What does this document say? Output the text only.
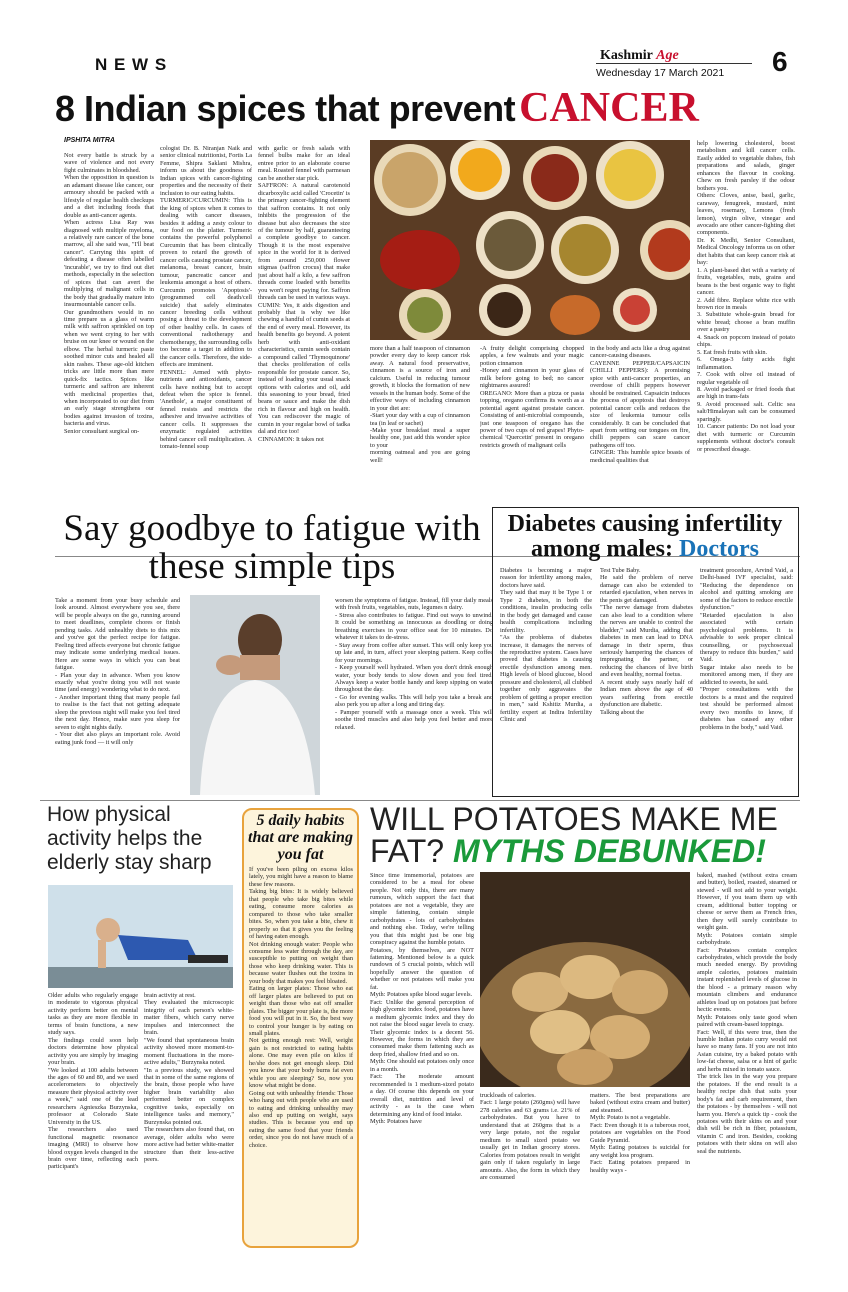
N E W S	Kashmir Age
Wednesday 17 March 2021 6
8 Indian spices that prevent CANCER
IPSHITA MITRA
Not every battle is struck by a wave of violence and not every fight culminates in bloodshed.
When the opposition in question is an adamant disease like cancer, our armoury should be packed with a lifestyle of regular health checkups and a diet including foods that double as anti-cancer agents.
When actress Lisa Ray was diagnosed with multiple myeloma, a relatively rare cancer of the bone marrow, all she said was, "I'll beat cancer". Carrying this spirit of defeating a disease often labelled 'incurable', we try to find out diet methods, especially in the selection of spices that can avert the multiplying of malignant cells in the body that gradually mature into insurmountable cancer cells.
Our grandmothers would in no time prepare us a glass of warm milk with saffron sprinkled on top when we went crying to her with bruise on our knee or wound on the elbow. The herbal turmeric paste soothed minor cuts and healed all skin rashes. These age-old kitchen tricks are little more than mere quick-fix tactics. Spices like turmeric and saffron are inherent with medicinal properties that, when incorporated to our diet from an early stage strengthens our bodies against invasion of toxins, bacteria and virus.
Senior consultant surgical on-
cologist Dr. B. Niranjan Naik and senior clinical nutritionist, Fortis La Femme, Shipra Saklani Mishra, inform us about the goodness of Indian spices with cancer-fighting properties and the necessity of their inclusion to our eating habits.
TURMERIC/CURCUMIN: This is the king of spices when it comes to dealing with cancer diseases, besides it adding a zesty colour to our food on the platter. Turmeric contains the powerful polyphenol Curcumin that has been clinically proven to retard the growth of cancer cells causing prostate cancer, melanoma, breast cancer, brain tumour, pancreatic cancer and leukemia amongst a host of others. Curcumin promotes 'Apoptosis'- (programmed cell death/cell suicide) that safely eliminates cancer breeding cells without posing a threat to the development of other healthy cells. In cases of conventional radiotherapy and chemotherapy, the surrounding cells too become a target in addition to the cancer cells. Therefore, the side-effects are imminent.
FENNEL: Armed with phyto-nutrients and antioxidants, cancer cells have nothing but to accept defeat when the spice is fennel. 'Anethole', a major constituent of fennel resists and restricts the adhesive and invasive activities of cancer cells. It suppresses the enzymatic regulated activities behind cancer cell multiplication. A tomato-fennel soup
with garlic or fresh salads with fennel bulbs make for an ideal entree prior to an elaborate course meal. Roasted fennel with parmesan can be another star pick.
SAFFRON: A natural carotenoid dicarboxylic acid called 'Crocetin' is the primary cancer-fighting element that saffron contains. It not only inhibits the progression of the disease but also decreases the size of the tumour by half, guaranteeing a complete goodbye to cancer. Though it is the most expensive spice in the world for it is derived from around 250,000 flower stigmas (saffron crocus) that make just about half a kilo, a few saffron threads come loaded with benefits you won't regret paying for. Saffron threads can be used in various ways.
CUMIN: Yes, it aids digestion and probably that is why we like chewing a handful of cumin seeds at the end of every meal. However, its health benefits go beyond. A potent herb with anti-oxidant characteristics, cumin seeds contain a compound called 'Thymoquinone' that checks proliferation of cells responsible for prostate cancer. So, instead of loading your usual snack options with calories and oil, add this seasoning to your bread, fried beans or sauce and make the dish rich in flavour and high on health. You can rediscover the magic of cumin in your regular bowl of tadka dal and rice too!
CINNAMON: It takes not
more than a half teaspoon of cinnamon powder every day to keep cancer risk away. A natural food preservative, cinnamon is a source of iron and calcium. Useful in reducing tumour growth, it blocks the formation of new vessels in the human body. Some of the effective ways of including cinnamon in your diet are:
-Start your day with a cup of cinnamon tea (in leaf or sachet)
-Make your breakfast meal a super healthy one, just add this wonder spice to your
morning oatmeal and you are going well!
-A fruity delight comprising chopped apples, a few walnuts and your magic potion cinnamon
-Honey and cinnamon in your glass of milk before going to bed; no cancer nightmares assured!
OREGANO: More than a pizza or pasta topping, oregano confirms its worth as a potential agent against prostate cancer. Consisting of anti-microbial compounds, just one teaspoon of oregano has the power of two cups of red grapes! Phyto-chemical 'Quercetin' present in oregano restricts growth of malignant cells
in the body and acts like a drug against cancer-causing diseases.
CAYENNE PEPPER/CAPSAICIN (CHILLI PEPPERS): A promising spice with anti-cancer properties, an overdose of chilli peppers however should be restrained. Capsaicin induces the process of apoptosis that destroys potential cancer cells and reduces the size of leukemia tumour cells considerably. It can be concluded that apart from setting our tongues on fire, chilli peppers can scare cancer pathogens off too.
GINGER: This humble spice boasts of medicinal qualities that
help lowering cholesterol, boost metabolism and kill cancer cells. Easily added to vegetable dishes, fish preparations and salads, ginger enhances the flavour in cooking. Chew on fresh parsley if the odour bothers you.
Others: Cloves, anise, basil, garlic, caraway, fenugreek, mustard, mint leaves, rosemary, Lemons (fresh lemon), virgin olive, vinegar and avocado are other cancer-fighting diet components.
Dr. K Medhi, Senior Consultant, Medical Oncology informs us on other diet habits that can keep cancer risk at bay:
1. A plant-based diet with a variety of fruits, vegetables, nuts, grains and beans is the best organic way to fight cancer.
2. Add fibre. Replace white rice with brown rice in meals
3. Substitute whole-grain bread for white bread; choose a bran muffin over a pastry
4. Snack on popcorn instead of potato chips.
5. Eat fresh fruits with skin.
6. Omega-3 fatty acids fight inflammation.
7. Cook with olive oil instead of regular vegetable oil
8. Avoid packaged or fried foods that are high in trans-fats
9. Avoid processed salt. Celtic sea salt/Himalayan salt can be consumed sparingly.
10. Cancer patients: Do not load your diet with turmeric or Curcumin supplements without doctor's consult or prescribed dosage.
Say goodbye to fatigue with these simple tips
Take a moment from your busy schedule and look around. Almost everywhere you see, there will be people always on the go, running around to meet deadlines, complete chores or finish pending tasks. Add unhealthy diets to this mix and you've got the perfect recipe for fatigue. Feeling tired affects everyone but chronic fatigue may indicate some underlying medical issues. Here are some ways in which you can beat fatigue.
- Plan your day in advance. When you know exactly what you're doing you will not waste time (and energy) wondering what to do next.
- Another important thing that many people fail to realise is the fact that not getting adequate sleep the previous night will make you feel tired the next day. Hence, make sure you sleep for seven to eight nights daily.
- Your diet also plays an important role. Avoid eating junk food — it will only
worsen the symptoms of fatigue. Instead, fill your daily meals with fresh fruits, vegetables, nuts, legumes n dairy.
- Stress also contributes to fatigue. Find out ways to unwind. It could be something as innocuous as doodling or doing breathing exercises in your office seat for 10 minutes. Do whatever it takes to de-stress.
- Stay away from coffee after sunset. This will only keep you up late and, in turn, affect your sleeping pattern. Keep coffee for your mornings.
- Keep yourself well hydrated. When you don't drink enough water, your body tends to slow down and you feel tired. Always keep a water bottle handy and keep sipping on water throughout the day.
- Go for evening walks. This will help you take a break and also perk you up after a long and tiring day.
- Pamper yourself with a massage once a week. This will soothe tired muscles and also help you feel better and more relaxed.
Diabetes causing infertility among males: Doctors
Diabetes is becoming a major reason for infertility among males, doctors have said.
They said that may it be Type 1 or Type 2 diabetes, in both the conditions, insulin producing cells in the body get damaged and cause health complications including infertility.
"As the problems of diabetes increase, it damages the nerves of the reproductive system. Cases have proved that diabetes is causing erectile dysfunction among men. High levels of blood glucose, blood pressure and cholesterol, all clubbed together only aggravates the problem of getting a proper erection in men," said Kshitiz Murdia, a fertility expert at Indira Infertility Clinic and
Test Tube Baby.
He said the problem of nerve damage can also be extended to retarded ejaculation, when nerves in the penis get damaged.
"The nerve damage from diabetes can also lead to a condition where the nerves are unable to control the bladder," said Murdia, adding that diabetes in men can lead to DNA damage in their sperm, thus seriously hampering the chances of impregnating the partner, or reducing the chances of live birth and even healthy, normal foetus.
A recent study says nearly half of Indian men above the age of 40 years suffering from erectile dysfunction are diabetic.
Talking about the
treatment procedure, Arvind Vaid, a Delhi-based IVF specialist, said: "Reducing the dependence on alcohol and quitting smoking are some of the factors to reduce erectile dysfunction."
"Retarded ejaculation is also associated with certain psychological problems. It is advisable to seek proper clinical counselling, or psychosexual therapy to reduce this burden," said Vaid.
Sugar intake also needs to be monitored among men, if they are addicted to sweets, he said.
"Proper consultations with the doctors is a must and the required test should be performed almost every two months to know, if diabetes has caused any other problems in the body," said Vaid.
How physical activity helps the elderly stay sharp
Older adults who regularly engage in moderate to vigorous physical activity perform better on mental tasks as they are more flexible in terms of brain functions, a new study says.
The findings could soon help doctors determine how physical activity you are simply by imaging your brain.
"We looked at 100 adults between the ages of 60 and 80, and we used accelerometers to objectively measure their physical activity over a week," said one of the lead researchers Agnieszka Burzynska, professor at Colorado State University in the US.
The researchers also used functional magnetic resonance imaging (MRI) to observe how blood oxygen levels changed in the brain over time, reflecting each participant's
brain activity at rest.
They evaluated the microscopic integrity of each person's white-matter fibers, which carry nerve impulses and interconnect the brain.
"We found that spontaneous brain activity showed more moment-to-moment fluctuations in the more-active adults," Burzynska noted.
"In a previous study, we showed that in some of the same regions of the brain, those people who have higher brain variability also performed better on complex cognitive tasks, especially on intelligence tasks and memory," Burzynska pointed out.
The researchers also found that, on average, older adults who were more active had better white-matter structure than their less-active peers.
5 daily habits that are making you fat
If you've been piling on excess kilos lately, you might have a reason to blame these few reasons.
Taking big bites: It is widely believed that people who take big bites while eating, consume more calories as compared to those who take smaller bites. So, when you take a bite, chew it properly so that it gives you the feeling of having eaten enough.
Not drinking enough water: People who consume less water through the day, are susceptible to putting on weight than those who keep drinking water. This is because water flushes out the toxins in your body that makes you feel bloated.
Eating on larger plates: Those who eat off larger plates are believed to put on weight than those who eat off smaller plates. The bigger your plate is, the more food you will put in it. So, the best way to control your hunger is by eating on small plates.
Not getting enough rest: Well, weight gain is not restricted to eating habits alone. One may even pile on kilos if he/she does not get enough sleep. Did you know that your body burns fat even while you are sleeping? So, now you know what might be done.
Going out with unhealthy friends: Those who hang out with people who are used to eating and drinking unhealthy may also end up putting on weight, says studies. This is because you end up eating the same food that your friends order, since you do not have much of a choice.
WILL POTATOES MAKE ME FAT? MYTHS DEBUNKED!
Since time immemorial, potatoes are considered to be a meal for obese people. Not only this, there are many rumours, which support the fact that potatoes are not a vegetable, they are simple fattening, contain simple carbohydrates - lots of carbohydrates and nothing else. Today, we're telling you that this might just be one big conspiracy against the humble potato.
Potatoes, by themselves, are NOT fattening. Mentioned below is a quick rundown of 5 crucial points, which will hopefully answer the question of whether or not potatoes will make you fat.
Myth: Potatoes spike blood sugar levels.
Fact: Unlike the general perception of high glycemic index food, potatoes have a medium glycemic index and they do not raise the blood sugar levels to crazy. Their glycemic index is a decent 56. However, the forms in which they are consumed make them fattening such as deep fried, shallow fried and so on.
Myth: One should eat potatoes only once in a month.
Fact: The moderate amount recommended is 1 medium-sized potato a day. Of course this depends on your overall diet, nutrition and level of activity - as is the case when determining any kind of food intake.
Myth: Potatoes have
truckloads of calories.
Fact: 1 large potato (260gms) will have 278 calories and 63 grams i.e. 21% of carbohydrates. But you have to understand that at 260gms that is a very large potato, not the regular medium to small sized potato we usually get in Indian grocery stores. Calories from potatoes result in weight gain only if taken regularly in large amounts. Also, the form in which they are consumed
matters. The best preparations are baked (without extra cream and butter) and steamed.
Myth: Potato is not a vegetable.
Fact: Even though it is a tuberous root, potatoes are vegetables on the Food Guide Pyramid.
Myth: Eating potatoes is suicidal for any weight loss program.
Fact: Eating potatoes prepared in healthy ways -
baked, mashed (without extra cream and butter), boiled, roasted, steamed or stewed - will not add to your weight. However, if you team them up with cream, additional butter topping or cheese or serve them as French fries, then they will surely contribute to weight gain.
Myth: Potatoes contain simple carbohydrate.
Fact: Potatoes contain complex carbohydrates, which provide the body much needed energy. By providing ample calories, potatoes maintain instant replenished levels of glucose in the blood - a primary reason why mountain climbers and endurance athletes load up on potatoes just before hectic events.
Myth: Potatoes only taste good when paired with cream-based toppings.
Fact: Well, if this were true, then the humble Indian potato curry would not have so many fans. If you are not into Asian cuisine, try a baked potato with low-fat cheese, salsa or a hint of garlic and herbs mixed in tomato sauce.
The trick lies in the way you prepare the potatoes. If the end result is a healthy recipe dish that suits your body's fat and carb requirement, then the potatoes - by themselves - will not harm you. Here's a quick tip - cook the potatoes with their skins on and your dish will be rich in fiber, potassium, vitamin C and iron. Besides, cooking potatoes with their skins on will also seal the nutrients.
